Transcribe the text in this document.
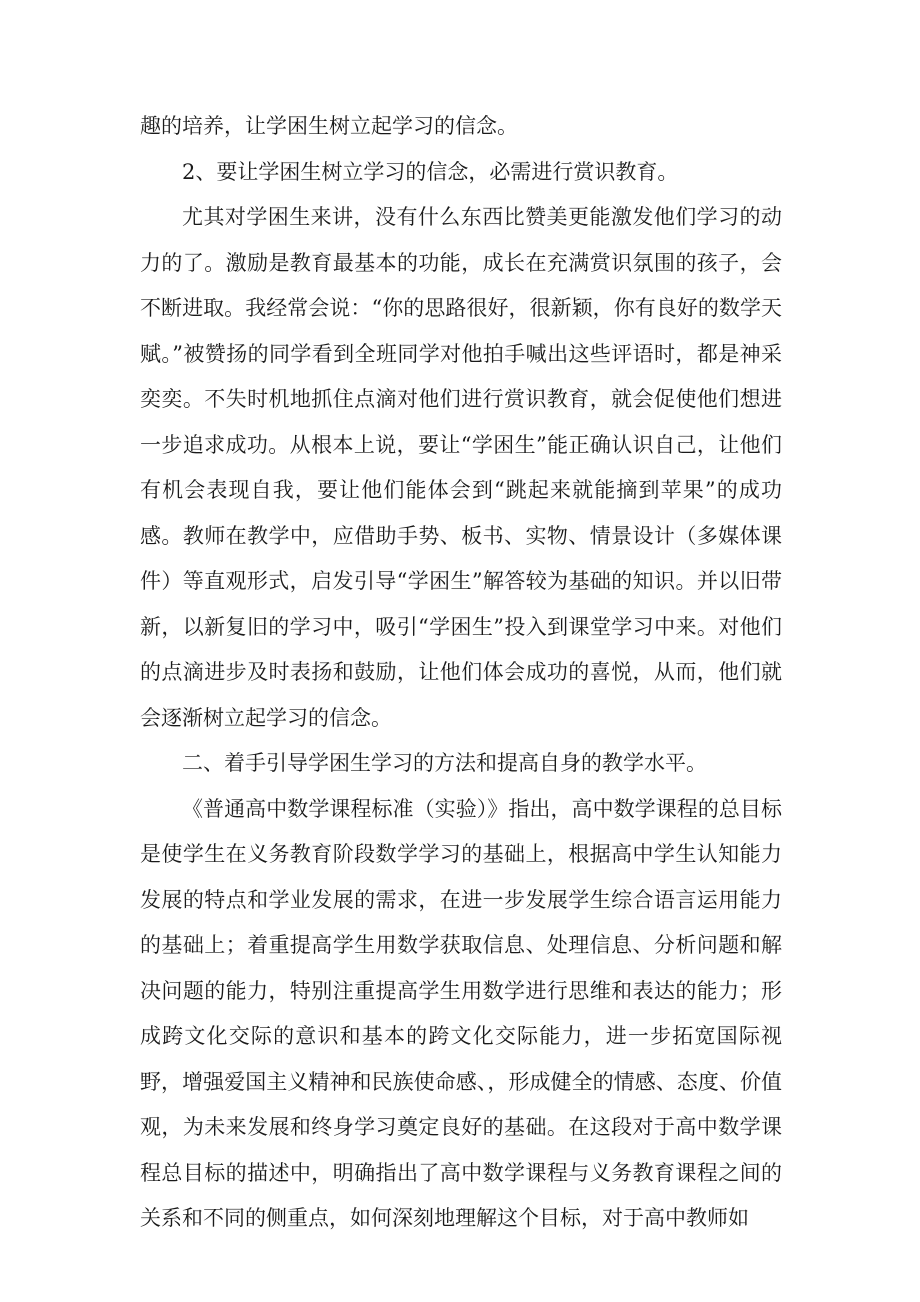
趣的培养，让学困生树立起学习的信念。

2、要让学困生树立学习的信念，必需进行赏识教育。

尤其对学困生来讲，没有什么东西比赞美更能激发他们学习的动力的了。激励是教育最基本的功能，成长在充满赏识氛围的孩子，会不断进取。我经常会说：“你的思路很好，很新颖，你有良好的数学天赋。”被赞扬的同学看到全班同学对他拍手喊出这些评语时，都是神采奕奕。不失时机地抓住点滴对他们进行赏识教育，就会促使他们想进一步追求成功。从根本上说，要让“学困生”能正确认识自己，让他们有机会表现自我，要让他们能体会到“跳起来就能摘到苹果”的成功感。教师在教学中，应借助手势、板书、实物、情景设计（多媒体课件）等直观形式，启发引导“学困生”解答较为基础的知识。并以旧带新，以新复旧的学习中，吸引“学困生”投入到课堂学习中来。对他们的点滴进步及时表扬和鼓励，让他们体会成功的喜悦，从而，他们就会逐渐树立起学习的信念。

二、着手引导学困生学习的方法和提高自身的教学水平。

《普通高中数学课程标准（实验）》指出，高中数学课程的总目标是使学生在义务教育阶段数学学习的基础上，根据高中学生认知能力发展的特点和学业发展的需求，在进一步发展学生综合语言运用能力的基础上；着重提高学生用数学获取信息、处理信息、分析问题和解决问题的能力，特别注重提高学生用数学进行思维和表达的能力；形成跨文化交际的意识和基本的跨文化交际能力，进一步拓宽国际视野，增强爱国主义精神和民族使命感、，形成健全的情感、态度、价值观，为未来发展和终身学习奠定良好的基础。在这段对于高中数学课程总目标的描述中，明确指出了高中数学课程与义务教育课程之间的关系和不同的侧重点，如何深刻地理解这个目标，对于高中教师如
